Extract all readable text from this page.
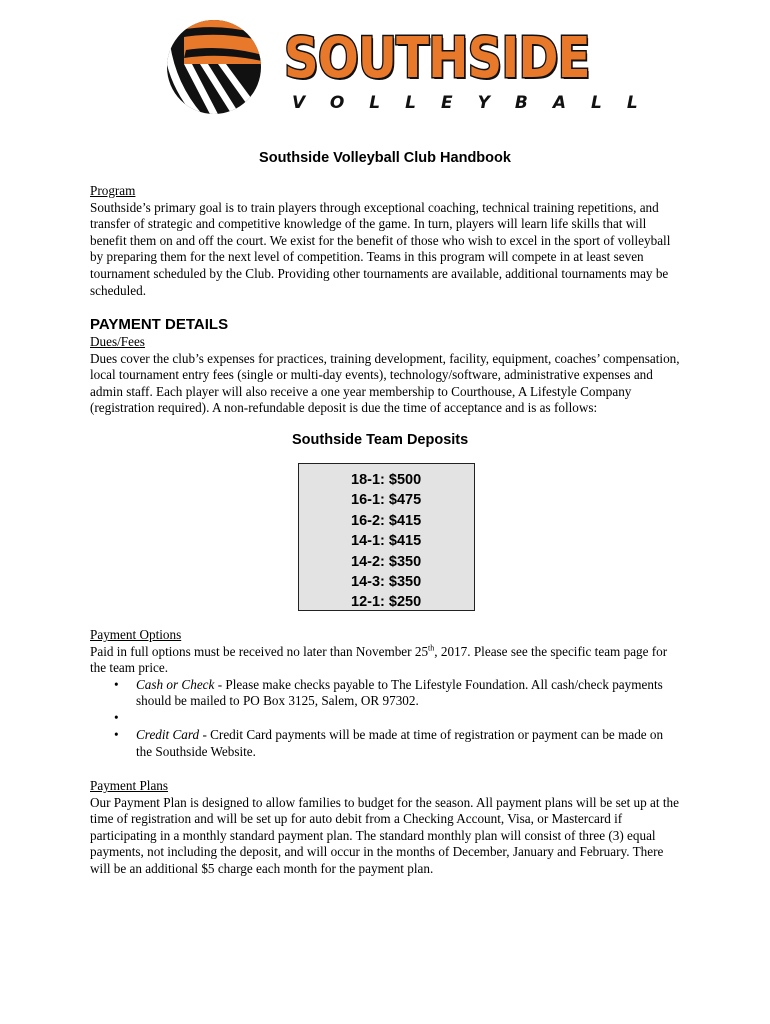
SOUTHSIDE
VOLLEYBALL
Southside Volleyball Club Handbook
Program
Southside’s primary goal is to train players through exceptional coaching, technical training repetitions, and transfer of strategic and competitive knowledge of the game. In turn, players will learn life skills that will benefit them on and off the court. We exist for the benefit of those who wish to excel in the sport of volleyball by preparing them for the next level of competition. Teams in this program will compete in at least seven tournament scheduled by the Club. Providing other tournaments are available, additional tournaments may be scheduled.
PAYMENT DETAILS
Dues/Fees
Dues cover the club’s expenses for practices, training development, facility, equipment, coaches’ compensation, local tournament entry fees (single or multi-day events), technology/software, administrative expenses and admin staff. Each player will also receive a one year membership to Courthouse, A Lifestyle Company (registration required). A non-refundable deposit is due the time of acceptance and is as follows:
Southside Team Deposits
18-1: $500
16-1: $475
16-2: $415
14-1: $415
14-2: $350
14-3: $350
12-1: $250
Payment Options
Paid in full options must be received no later than November 25th, 2017. Please see the specific team page for the team price.
• Cash or Check - Please make checks payable to The Lifestyle Foundation. All cash/check payments should be mailed to PO Box 3125, Salem, OR 97302.
•
• Credit Card - Credit Card payments will be made at time of registration or payment can be made on the Southside Website.
Payment Plans
Our Payment Plan is designed to allow families to budget for the season. All payment plans will be set up at the time of registration and will be set up for auto debit from a Checking Account, Visa, or Mastercard if participating in a monthly standard payment plan. The standard monthly plan will consist of three (3) equal payments, not including the deposit, and will occur in the months of December, January and February. There will be an additional $5 charge each month for the payment plan.
